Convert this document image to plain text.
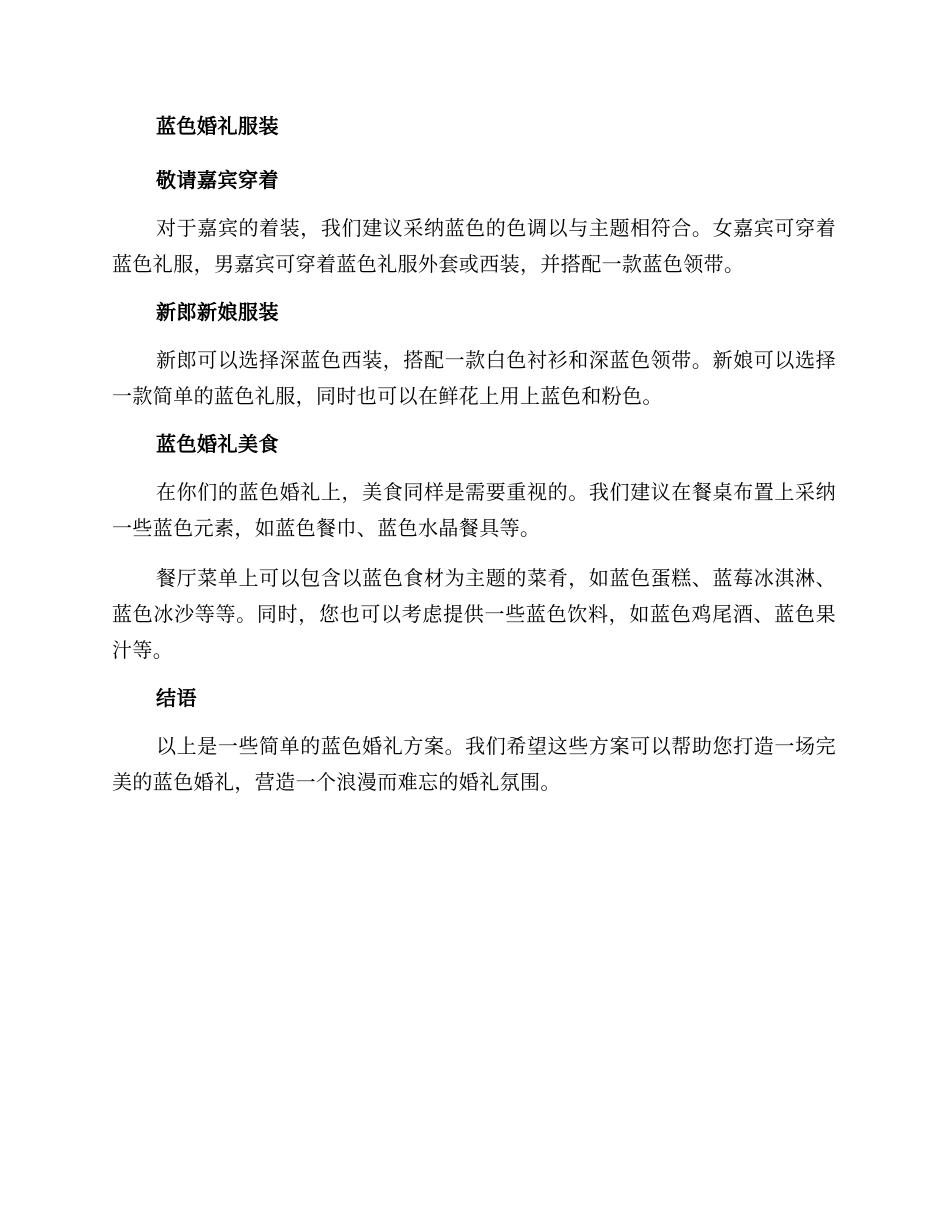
蓝色婚礼服装
敬请嘉宾穿着

对于嘉宾的着装，我们建议采纳蓝色的色调以与主题相符合。女嘉宾可穿着蓝色礼服，男嘉宾可穿着蓝色礼服外套或西装，并搭配一款蓝色领带。

新郎新娘服装

新郎可以选择深蓝色西装，搭配一款白色衬衫和深蓝色领带。新娘可以选择一款简单的蓝色礼服，同时也可以在鲜花上用上蓝色和粉色。

蓝色婚礼美食

在你们的蓝色婚礼上，美食同样是需要重视的。我们建议在餐桌布置上采纳一些蓝色元素，如蓝色餐巾、蓝色水晶餐具等。

餐厅菜单上可以包含以蓝色食材为主题的菜肴，如蓝色蛋糕、蓝莓冰淇淋、蓝色冰沙等等。同时，您也可以考虑提供一些蓝色饮料，如蓝色鸡尾酒、蓝色果汁等。

结语

以上是一些简单的蓝色婚礼方案。我们希望这些方案可以帮助您打造一场完美的蓝色婚礼，营造一个浪漫而难忘的婚礼氛围。
